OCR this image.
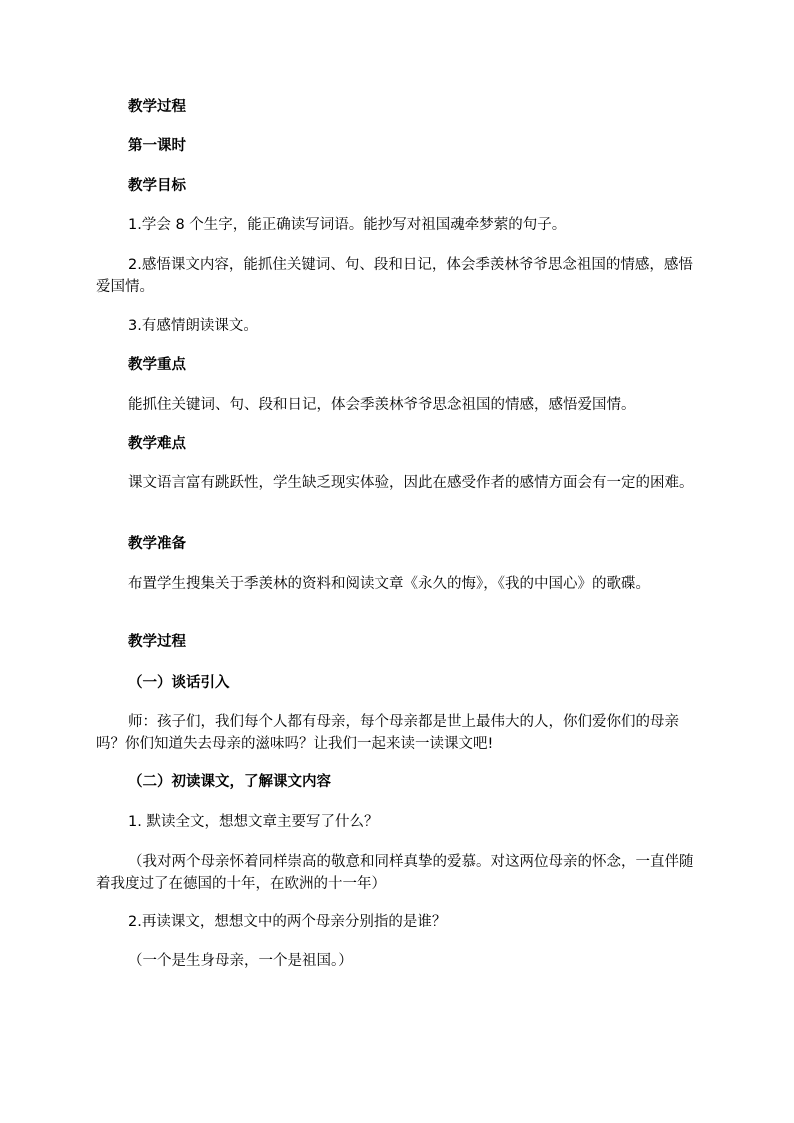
教学过程
第一课时
教学目标
1.学会 8 个生字，能正确读写词语。能抄写对祖国魂牵梦萦的句子。
2.感悟课文内容，能抓住关键词、句、段和日记，体会季羡林爷爷思念祖国的情感，感悟爱国情。
3.有感情朗读课文。
教学重点
能抓住关键词、句、段和日记，体会季羡林爷爷思念祖国的情感，感悟爱国情。
教学难点
课文语言富有跳跃性，学生缺乏现实体验，因此在感受作者的感情方面会有一定的困难。
教学准备
布置学生搜集关于季羡林的资料和阅读文章《永久的悔》，《我的中国心》的歌碟。
教学过程
（一）谈话引入
师：孩子们，我们每个人都有母亲，每个母亲都是世上最伟大的人，你们爱你们的母亲吗？你们知道失去母亲的滋味吗？让我们一起来读一读课文吧!
（二）初读课文，了解课文内容
1. 默读全文，想想文章主要写了什么？
（我对两个母亲怀着同样崇高的敬意和同样真挚的爱慕。对这两位母亲的怀念，一直伴随着我度过了在德国的十年，在欧洲的十一年）
2.再读课文，想想文中的两个母亲分别指的是谁？
（一个是生身母亲，一个是祖国。）
